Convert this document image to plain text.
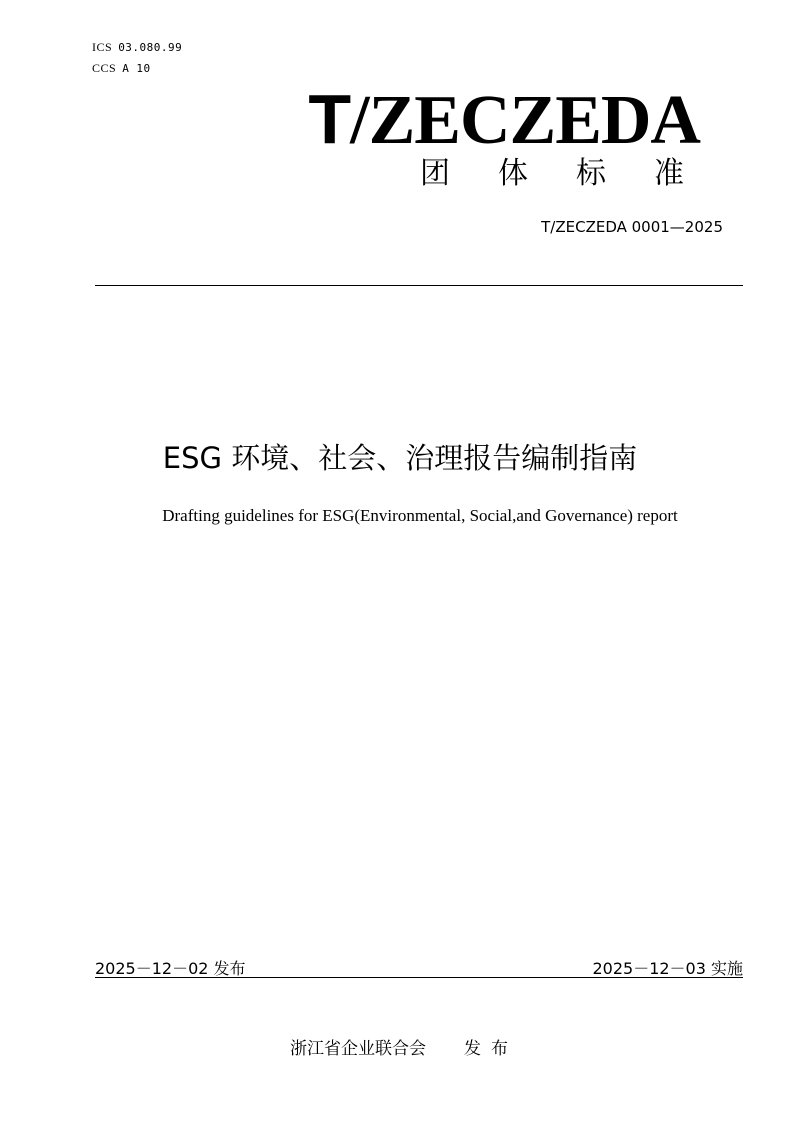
ICS 03.080.99
CCS A 10
T/ZECZEDA
团体标准
T/ZECZEDA 0001—2025
ESG 环境、社会、治理报告编制指南
Drafting guidelines for ESG(Environmental, Social,and Governance) report
2025－12－02 发布	2025－12－03 实施
浙江省企业联合会 发布
